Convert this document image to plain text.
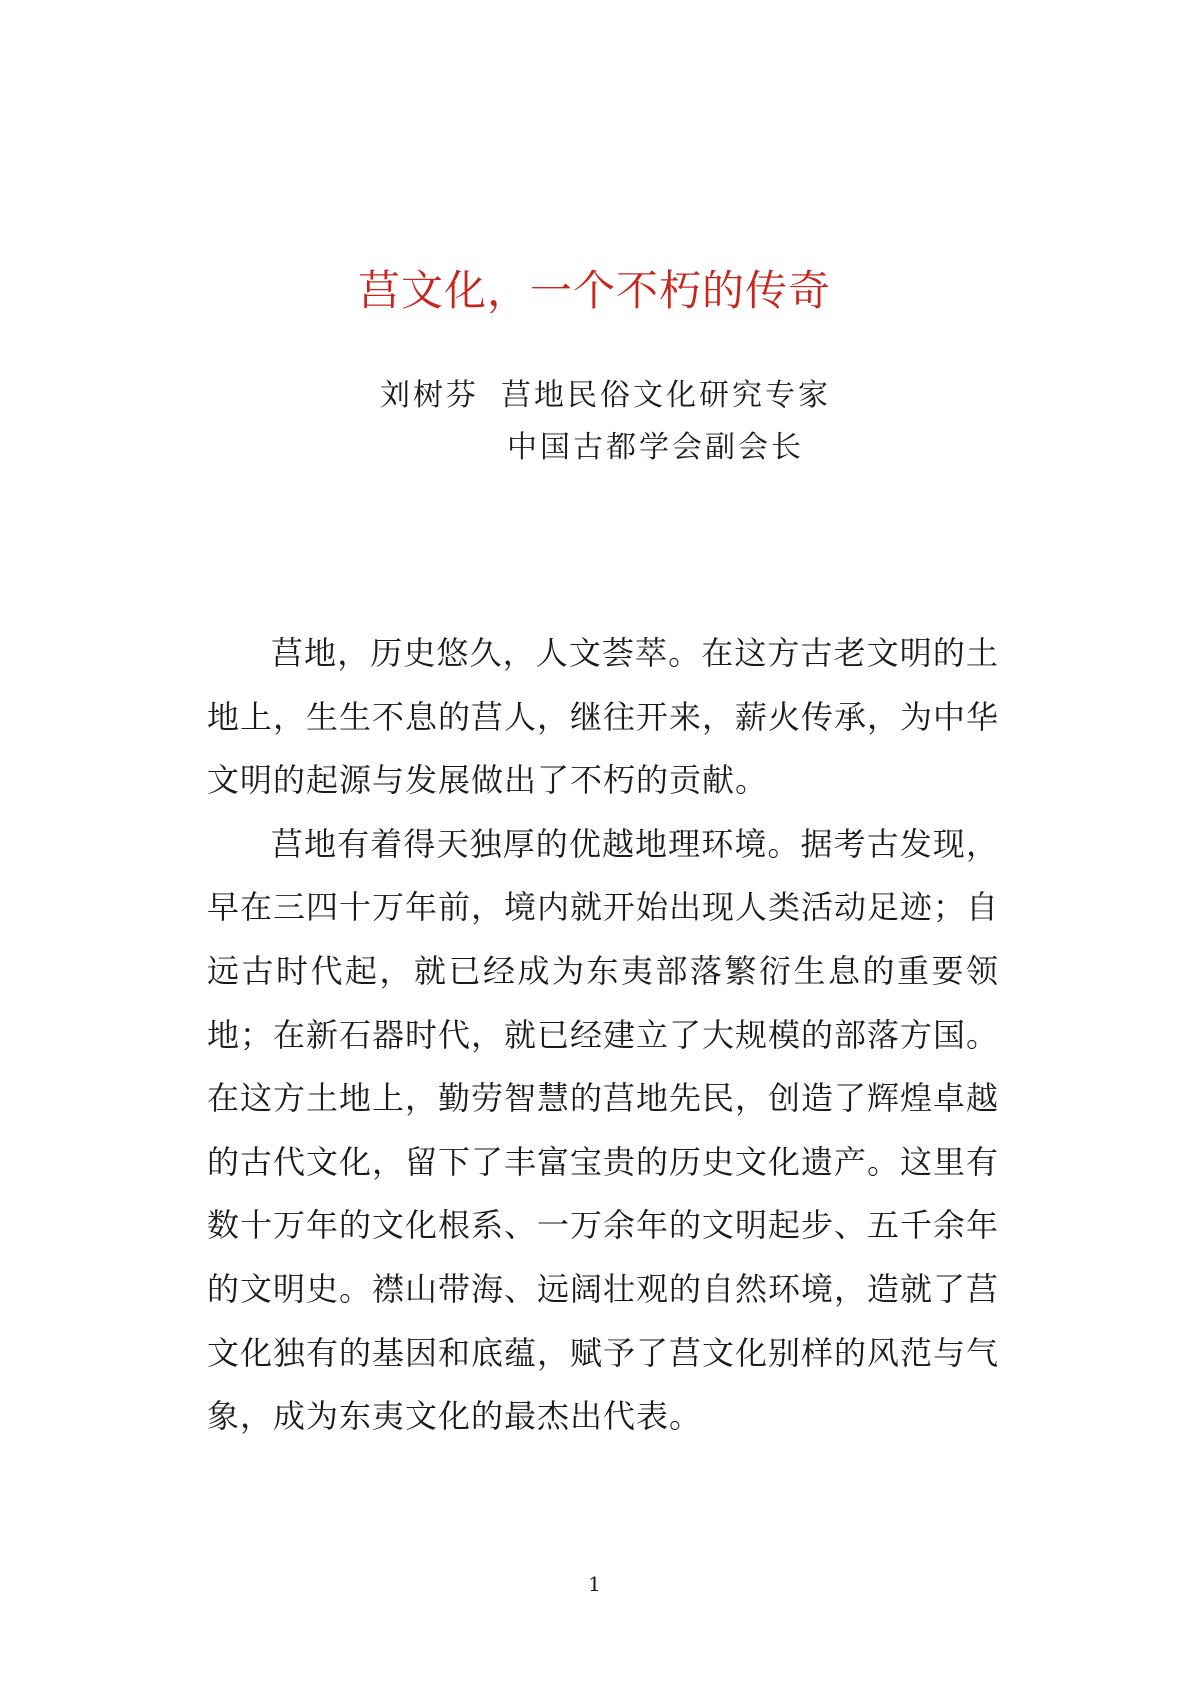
莒文化，一个不朽的传奇
刘树芬 莒地民俗文化研究专家
中国古都学会副会长

莒地，历史悠久，人文荟萃。在这方古老文明的土地上，生生不息的莒人，继往开来，薪火传承，为中华文明的起源与发展做出了不朽的贡献。

莒地有着得天独厚的优越地理环境。据考古发现，早在三四十万年前，境内就开始出现人类活动足迹；自远古时代起，就已经成为东夷部落繁衍生息的重要领地；在新石器时代，就已经建立了大规模的部落方国。在这方土地上，勤劳智慧的莒地先民，创造了辉煌卓越的古代文化，留下了丰富宝贵的历史文化遗产。这里有数十万年的文化根系、一万余年的文明起步、五千余年的文明史。襟山带海、远阔壮观的自然环境，造就了莒文化独有的基因和底蕴，赋予了莒文化别样的风范与气象，成为东夷文化的最杰出代表。

1
